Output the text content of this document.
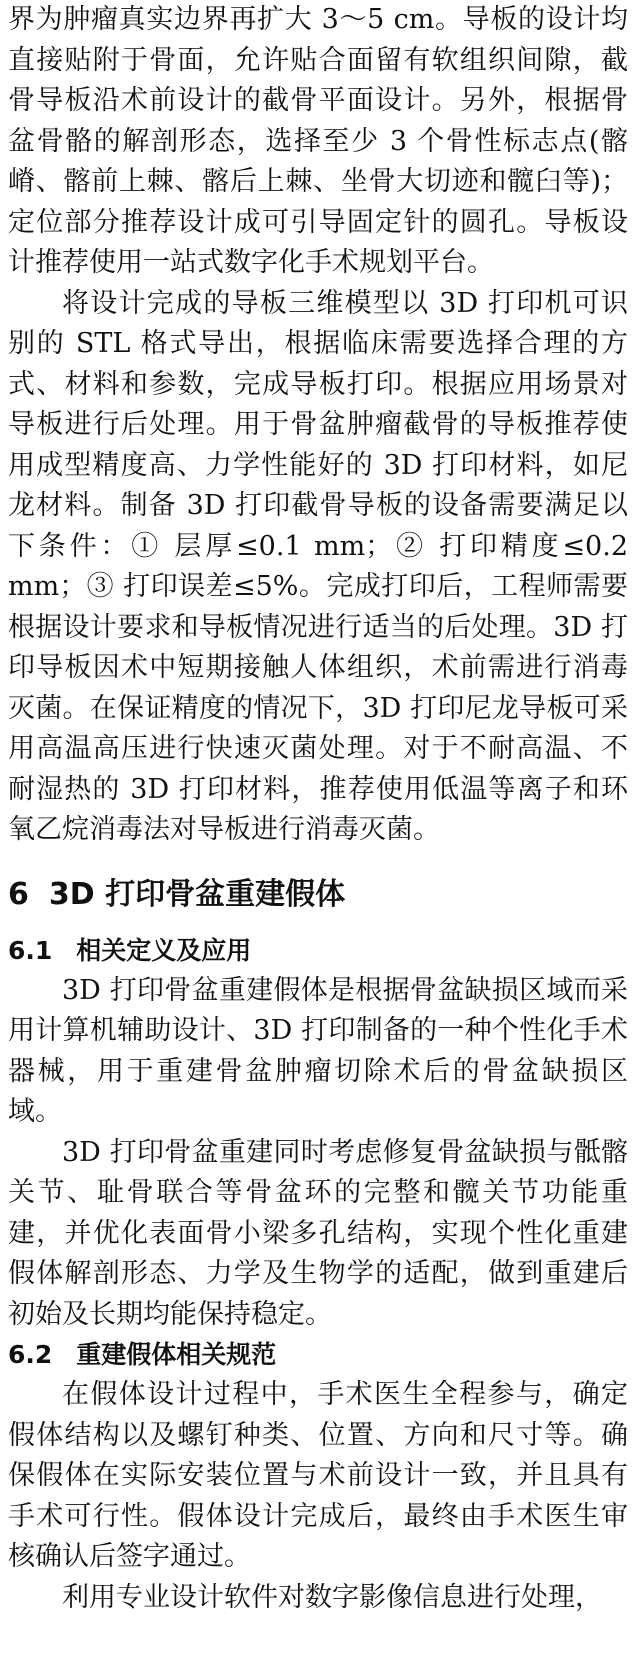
界为肿瘤真实边界再扩大 3～5 cm。导板的设计均直接贴附于骨面，允许贴合面留有软组织间隙，截骨导板沿术前设计的截骨平面设计。另外，根据骨盆骨骼的解剖形态，选择至少 3 个骨性标志点(髂嵴、髂前上棘、髂后上棘、坐骨大切迹和髋臼等)；定位部分推荐设计成可引导固定针的圆孔。导板设计推荐使用一站式数字化手术规划平台。

将设计完成的导板三维模型以 3D 打印机可识别的 STL 格式导出，根据临床需要选择合理的方式、材料和参数，完成导板打印。根据应用场景对导板进行后处理。用于骨盆肿瘤截骨的导板推荐使用成型精度高、力学性能好的 3D 打印材料，如尼龙材料。制备 3D 打印截骨导板的设备需要满足以下条件：① 层厚≤0.1 mm；② 打印精度≤0.2 mm；③ 打印误差≤5%。完成打印后，工程师需要根据设计要求和导板情况进行适当的后处理。3D 打印导板因术中短期接触人体组织，术前需进行消毒灭菌。在保证精度的情况下，3D 打印尼龙导板可采用高温高压进行快速灭菌处理。对于不耐高温、不耐湿热的 3D 打印材料，推荐使用低温等离子和环氧乙烷消毒法对导板进行消毒灭菌。

6 3D 打印骨盆重建假体
6.1 相关定义及应用

3D 打印骨盆重建假体是根据骨盆缺损区域而采用计算机辅助设计、3D 打印制备的一种个性化手术器械，用于重建骨盆肿瘤切除术后的骨盆缺损区域。

3D 打印骨盆重建同时考虑修复骨盆缺损与骶髂关节、耻骨联合等骨盆环的完整和髋关节功能重建，并优化表面骨小梁多孔结构，实现个性化重建假体解剖形态、力学及生物学的适配，做到重建后初始及长期均能保持稳定。

6.2 重建假体相关规范

在假体设计过程中，手术医生全程参与，确定假体结构以及螺钉种类、位置、方向和尺寸等。确保假体在实际安装位置与术前设计一致，并且具有手术可行性。假体设计完成后，最终由手术医生审核确认后签字通过。

利用专业设计软件对数字影像信息进行处理，
